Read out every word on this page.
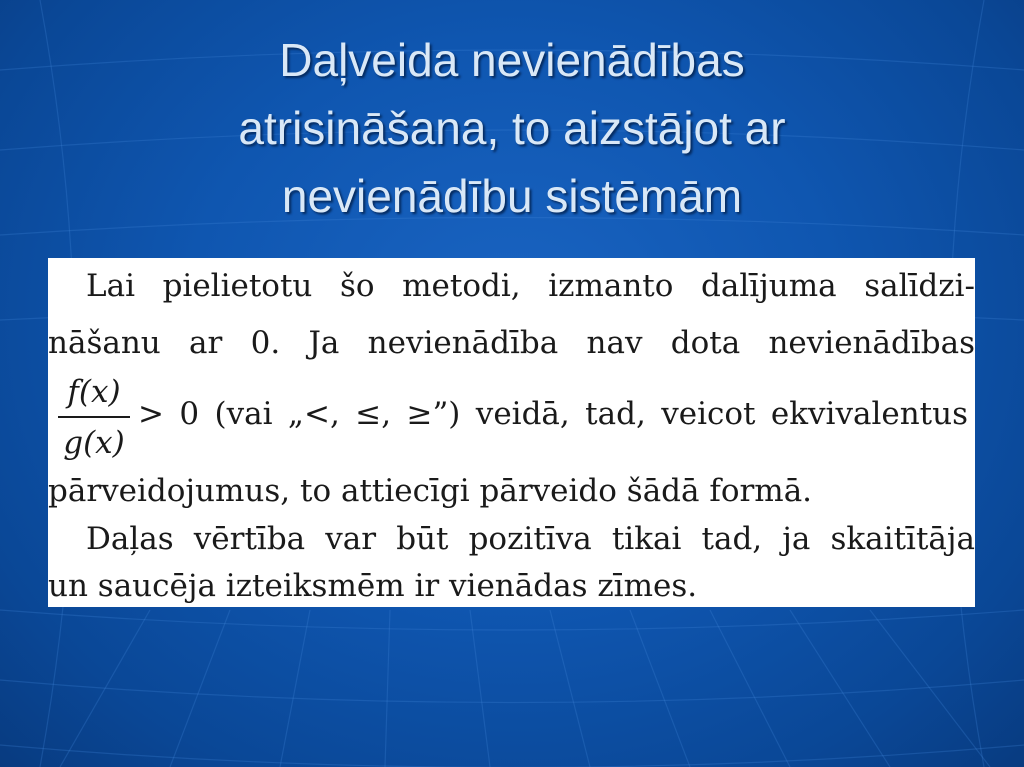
Daļveida nevienādības
atrisināšana, to aizstājot ar
nevienādību sistēmām

Lai pielietotu šo metodi, izmanto dalījuma salīdzi-

nāšanu ar 0. Ja nevienādība nav dota nevienādības

f(x)
g(x)

> 0 (vai „<, ≤, ≥”) veidā, tad, veicot ekvivalentus

pārveidojumus, to attiecīgi pārveido šādā formā.

Daļas vērtība var būt pozitīva tikai tad, ja skaitītāja

un saucēja izteiksmēm ir vienādas zīmes.
